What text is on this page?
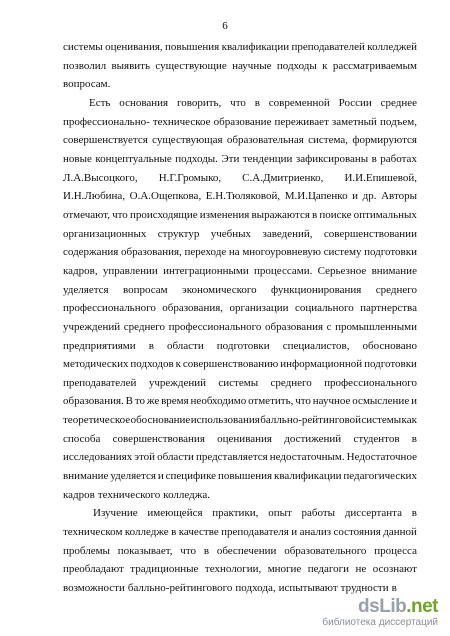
6
системы оценивания, повышения квалификации преподавателей колледжей
позволил выявить существующие научные подходы к рассматриваемым
вопросам.
Есть основания говорить, что в современной России среднее
профессионально- техническое образование переживает заметный подъем,
совершенствуется существующая образовательная система, формируются
новые концептуальные подходы. Эти тенденции зафиксированы в работах
Л.А.Высоцкого, Н.Г.Громыко, С.А.Дмитриенко, И.И.Епишевой,
И.Н.Любина, О.А.Ощепкова, Е.Н.Тюляковой, М.И.Цапенко и др. Авторы
отмечают, что происходящие изменения выражаются в поиске оптимальных
организационных структур учебных заведений, совершенствовании
содержания образования, переходе на многоуровневую систему подготовки
кадров, управлении интеграционными процессами. Серьезное внимание
уделяется вопросам экономического функционирования среднего
профессионального образования, организации социального партнерства
учреждений среднего профессионального образования с промышленными
предприятиями в области подготовки специалистов, обосновано
методических подходов к совершенствованию информационной подготовки
преподавателей учреждений системы среднего профессионального
образования. В то же время необходимо отметить, что научное осмысление и
теоретическое обоснование использования балльно-рейтинговой системы как
способа совершенствования оценивания достижений студентов в
исследованиях этой области представляется недостаточным. Недостаточное
внимание уделяется и специфике повышения квалификации педагогических
кадров технического колледжа.
Изучение имеющейся практики, опыт работы диссертанта в
техническом колледже в качестве преподавателя и анализ состояния данной
проблемы показывает, что в обеспечении образовательного процесса
преобладают традиционные технологии, многие педагоги не осознают
возможности балльно-рейтингового подхода, испытывают трудности в
dsLib.net
библиотека диссертаций
